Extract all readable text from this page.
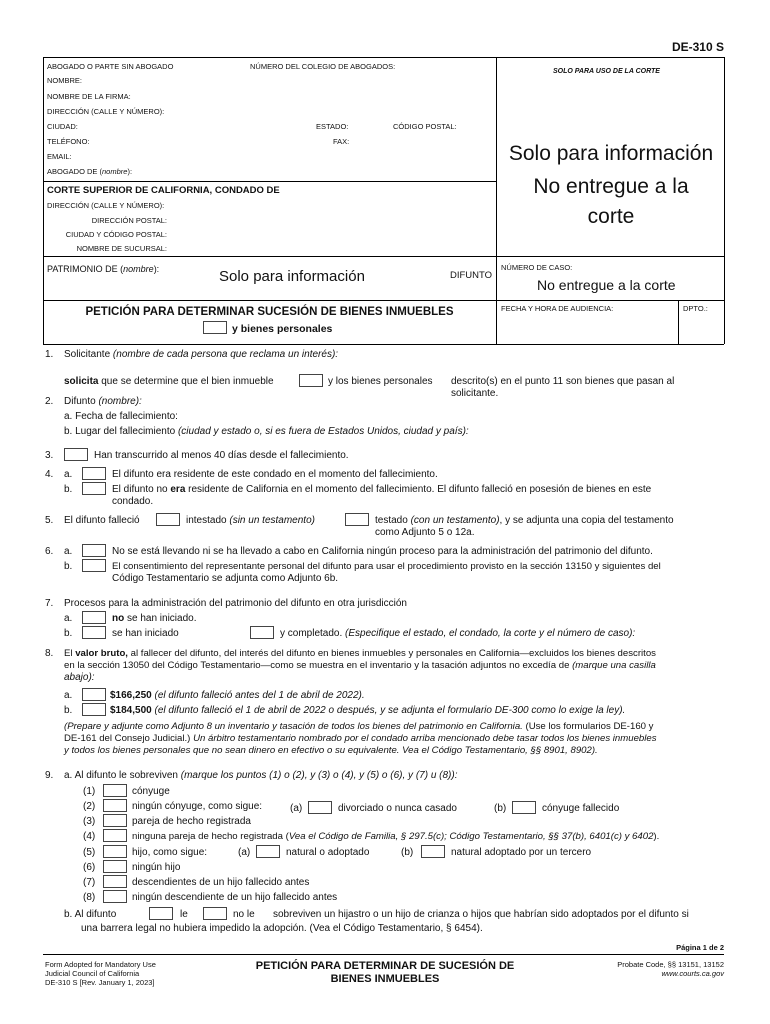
DE-310 S
ABOGADO O PARTE SIN ABOGADO	NÚMERO DEL COLEGIO DE ABOGADOS:
SOLO PARA USO DE LA CORTE
NOMBRE:
NOMBRE DE LA FIRMA:
DIRECCIÓN (CALLE Y NÚMERO):
CIUDAD:	ESTADO:	CÓDIGO POSTAL:
TELÉFONO:	FAX:
EMAIL:
ABOGADO DE (nombre):
Solo para información
No entregue a la
corte
CORTE SUPERIOR DE CALIFORNIA, CONDADO DE
DIRECCIÓN (CALLE Y NÚMERO):
DIRECCIÓN POSTAL:
CIUDAD Y CÓDIGO POSTAL:
NOMBRE DE SUCURSAL:
PATRIMONIO DE (nombre):	Solo para información	DIFUNTO
NÚMERO DE CASO:
No entregue a la corte
PETICIÓN PARA DETERMINAR SUCESIÓN DE BIENES INMUEBLES
y bienes personales
FECHA Y HORA DE AUDIENCIA:	DPTO.:
1. Solicitante (nombre de cada persona que reclama un interés):
solicita que se determine que el bien inmueble	y los bienes personales descrito(s) en el punto 11 son bienes que pasan al
solicitante.
2. Difunto (nombre):
a. Fecha de fallecimiento:
b. Lugar del fallecimiento (ciudad y estado o, si es fuera de Estados Unidos, ciudad y país):
3.	Han transcurrido al menos 40 días desde el fallecimiento.
4. a.	El difunto era residente de este condado en el momento del fallecimiento.
b.	El difunto no era residente de California en el momento del fallecimiento. El difunto falleció en posesión de bienes en este
condado.
5. El difunto falleció	intestado (sin un testamento)	testado (con un testamento), y se adjunta una copia del testamento
como Adjunto 5 o 12a.
6. a.	No se está llevando ni se ha llevado a cabo en California ningún proceso para la administración del patrimonio del difunto.
b.	El consentimiento del representante personal del difunto para usar el procedimiento provisto en la sección 13150 y siguientes del
Código Testamentario se adjunta como Adjunto 6b.
7. Procesos para la administración del patrimonio del difunto en otra jurisdicción
a.	no se han iniciado.
b.	se han iniciado	y completado. (Especifique el estado, el condado, la corte y el número de caso):
8. El valor bruto, al fallecer del difunto, del interés del difunto en bienes inmuebles y personales en California—excluidos los bienes descritos
en la sección 13050 del Código Testamentario—como se muestra en el inventario y la tasación adjuntos no excedía de (marque una casilla
abajo):
a.	$166,250 (el difunto falleció antes del 1 de abril de 2022).
b.	$184,500 (el difunto falleció el 1 de abril de 2022 o después, y se adjunta el formulario DE-300 como lo exige la ley).
(Prepare y adjunte como Adjunto 8 un inventario y tasación de todos los bienes del patrimonio en California. (Use los formularios DE-160 y
DE-161 del Consejo Judicial.) Un árbitro testamentario nombrado por el condado arriba mencionado debe tasar todos los bienes inmuebles
y todos los bienes personales que no sean dinero en efectivo o su equivalente. Vea el Código Testamentario, §§ 8901, 8902).
9. a. Al difunto le sobreviven (marque los puntos (1) o (2), y (3) o (4), y (5) o (6), y (7) u (8)):
(1)	cónyuge
(2)	ningún cónyuge, como sigue:	(a)	divorciado o nunca casado	(b)	cónyuge fallecido
(3)	pareja de hecho registrada
(4)	ninguna pareja de hecho registrada (Vea el Código de Familia, § 297.5(c); Código Testamentario, §§ 37(b), 6401(c) y 6402).
(5)	hijo, como sigue:	(a)	natural o adoptado	(b)	natural adoptado por un tercero
(6)	ningún hijo
(7)	descendientes de un hijo fallecido antes
(8)	ningún descendiente de un hijo fallecido antes
b. Al difunto	le	no le sobreviven un hijastro o un hijo de crianza o hijos que habrían sido adoptados por el difunto si
una barrera legal no hubiera impedido la adopción. (Vea el Código Testamentario, § 6454).
Página 1 de 2
Form Adopted for Mandatory Use
Judicial Council of California
DE-310 S [Rev. January 1, 2023]
PETICIÓN PARA DETERMINAR DE SUCESIÓN DE
BIENES INMUEBLES
Probate Code, §§ 13151, 13152
www.courts.ca.gov
